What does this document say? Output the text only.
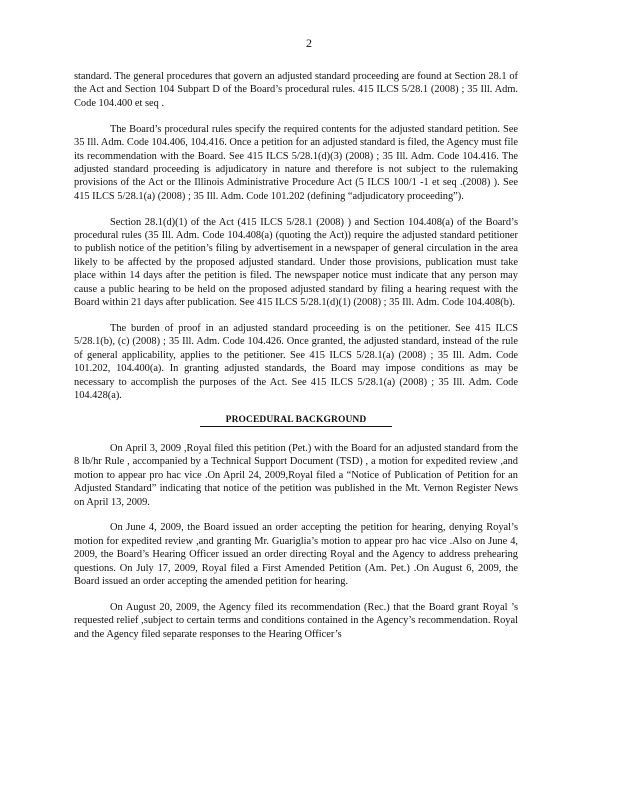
2

standard. The general procedures that govern an adjusted standard proceeding are found at Section 28.1 of the Act and Section 104 Subpart D of the Board’s procedural rules. 415 ILCS 5/28.1 (2008) ; 35 Ill. Adm. Code 104.400 et seq .

The Board’s procedural rules specify the required contents for the adjusted standard petition. See 35 Ill. Adm. Code 104.406, 104.416. Once a petition for an adjusted standard is filed, the Agency must file its recommendation with the Board. See 415 ILCS 5/28.1(d)(3) (2008) ; 35 Ill. Adm. Code 104.416. The adjusted standard proceeding is adjudicatory in nature and therefore is not subject to the rulemaking provisions of the Act or the Illinois Administrative Procedure Act (5 ILCS 100/1 -1 et seq .(2008) ). See 415 ILCS 5/28.1(a) (2008) ; 35 Ill. Adm. Code 101.202 (defining “adjudicatory proceeding”).

Section 28.1(d)(1) of the Act (415 ILCS 5/28.1 (2008) ) and Section 104.408(a) of the Board’s procedural rules (35 Ill. Adm. Code 104.408(a) (quoting the Act)) require the adjusted standard petitioner to publish notice of the petition’s filing by advertisement in a newspaper of general circulation in the area likely to be affected by the proposed adjusted standard. Under those provisions, publication must take place within 14 days after the petition is filed. The newspaper notice must indicate that any person may cause a public hearing to be held on the proposed adjusted standard by filing a hearing request with the Board within 21 days after publication. See 415 ILCS 5/28.1(d)(1) (2008) ; 35 Ill. Adm. Code 104.408(b).

The burden of proof in an adjusted standard proceeding is on the petitioner. See 415 ILCS 5/28.1(b), (c) (2008) ; 35 Ill. Adm. Code 104.426. Once granted, the adjusted standard, instead of the rule of general applicability, applies to the petitioner. See 415 ILCS 5/28.1(a) (2008) ; 35 Ill. Adm. Code 101.202, 104.400(a). In granting adjusted standards, the Board may impose conditions as may be necessary to accomplish the purposes of the Act. See 415 ILCS 5/28.1(a) (2008) ; 35 Ill. Adm. Code 104.428(a).

PROCEDURAL BACKGROUND

On April 3, 2009 ,Royal filed this petition (Pet.) with the Board for an adjusted standard from the 8 lb/hr Rule , accompanied by a Technical Support Document (TSD) , a motion for expedited review ,and motion to appear pro hac vice .On April 24, 2009,Royal filed a “Notice of Publication of Petition for an Adjusted Standard” indicating that notice of the petition was published in the Mt. Vernon Register News on April 13, 2009.

On June 4, 2009, the Board issued an order accepting the petition for hearing, denying Royal’s motion for expedited review ,and granting Mr. Guariglia’s motion to appear pro hac vice .Also on June 4, 2009, the Board’s Hearing Officer issued an order directing Royal and the Agency to address prehearing questions. On July 17, 2009, Royal filed a First Amended Petition (Am. Pet.) .On August 6, 2009, the Board issued an order accepting the amended petition for hearing.

On August 20, 2009, the Agency filed its recommendation (Rec.) that the Board grant Royal ’s requested relief ,subject to certain terms and conditions contained in the Agency’s recommendation. Royal and the Agency filed separate responses to the Hearing Officer’s
